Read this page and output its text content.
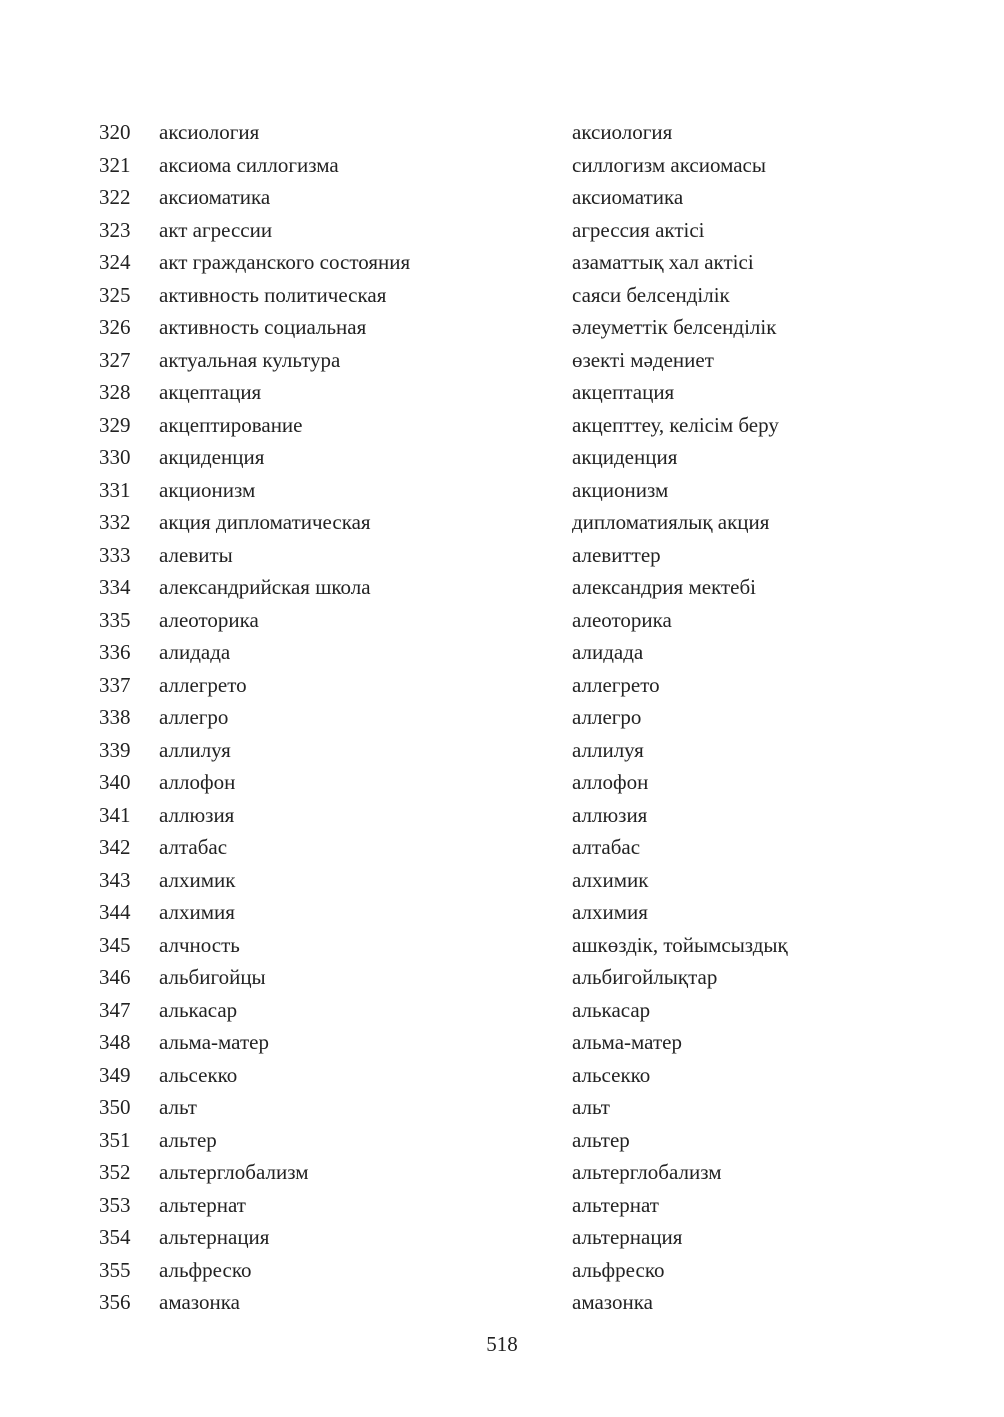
320 аксиология	аксиология
321 аксиома силлогизма	силлогизм аксиомасы
322 аксиоматика	аксиоматика
323 акт агрессии	агрессия актісі
324 акт гражданского состояния	азаматтық хал актісі
325 активность политическая	саяси белсенділік
326 активность социальная	әлеуметтік белсенділік
327 актуальная культура	өзекті мәдениет
328 акцептация	акцептация
329 акцептирование	акцепттеу, келісім беру
330 акциденция	акциденция
331 акционизм	акционизм
332 акция дипломатическая	дипломатиялық акция
333 алевиты	алевиттер
334 александрийская школа	александрия мектебі
335 алеоторика	алеоторика
336 алидада	алидада
337 аллегрето	аллегрето
338 аллегро	аллегро
339 аллилуя	аллилуя
340 аллофон	аллофон
341 аллюзия	аллюзия
342 алтабас	алтабас
343 алхимик	алхимик
344 алхимия	алхимия
345 алчность	ашкөздік, тойымсыздық
346 альбигойцы	альбигойлықтар
347 алькасар	алькасар
348 альма-матер	альма-матер
349 альсекко	альсекко
350 альт	альт
351 альтер	альтер
352 альтерглобализм	альтерглобализм
353 альтернат	альтернат
354 альтернация	альтернация
355 альфреско	альфреско
356 амазонка	амазонка
518
